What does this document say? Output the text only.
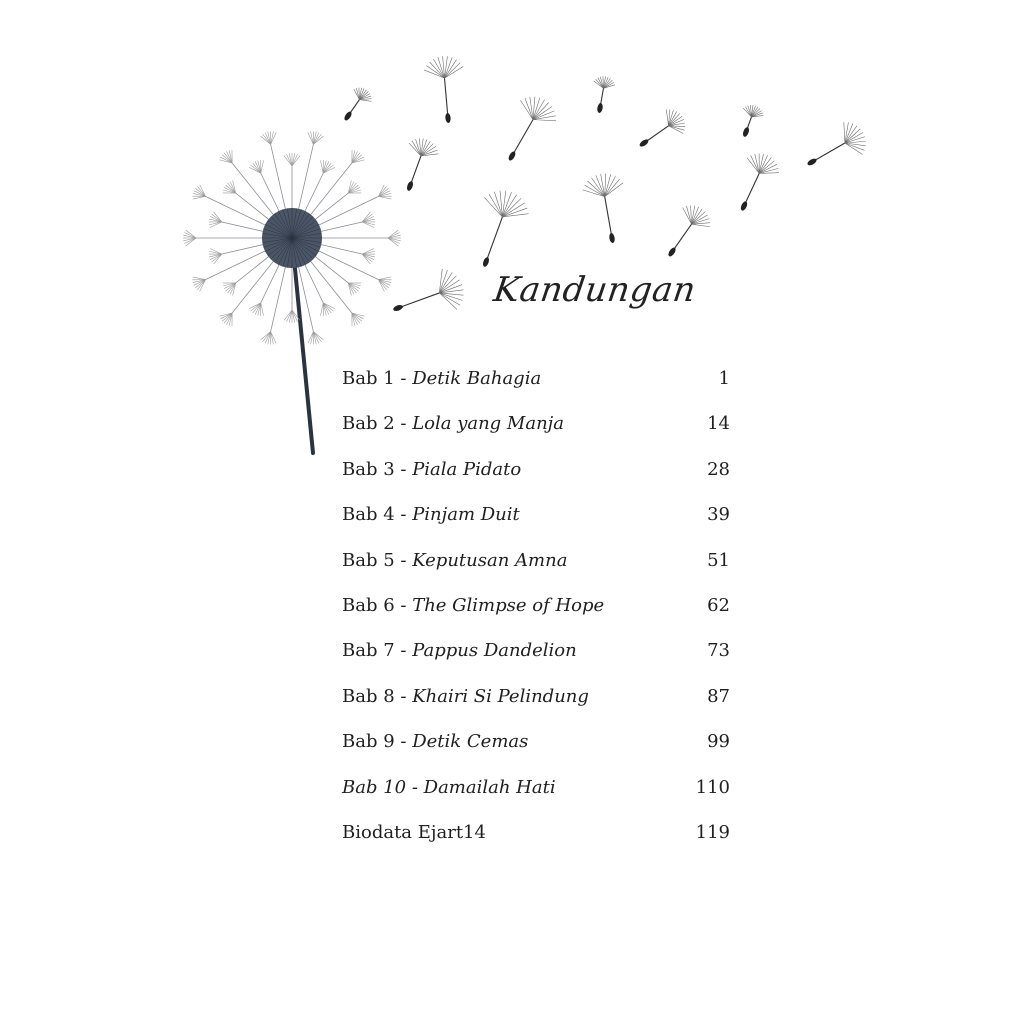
Kandungan
Bab 1 - Detik Bahagia	1
Bab 2 - Lola yang Manja	14
Bab 3 - Piala Pidato	28
Bab 4 - Pinjam Duit	39
Bab 5 - Keputusan Amna	51
Bab 6 - The Glimpse of Hope	62
Bab 7 - Pappus Dandelion	73
Bab 8 - Khairi Si Pelindung	87
Bab 9 - Detik Cemas	99
Bab 10 - Damailah Hati	110
Biodata Ejart14	119
